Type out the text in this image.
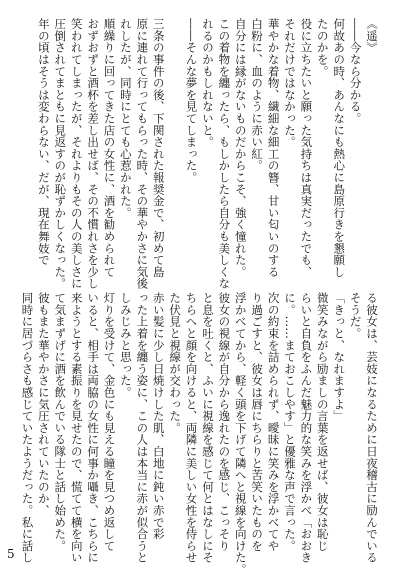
《遥》
――今なら分かる。
何故あの時、あんなにも熱心に島原行きを懇願し
たのかを。
役に立ちたいと願った気持ちは真実だったでも、
それだけではなかった。
華やかな着物、繊細な細工の簪、甘い匂いのする
白粉に、血のように赤い紅。
自分には縁がないものだからこそ、強く憧れた。
この着物を纏ったら、もしかしたら自分も美しくな
れるのかもしれないと。
――そんな夢を見てしまった。

三条の事件の後、下関された報奨金で、初めて島
原に連れて行ってもらった時、その華やかさに気後
れしたが、同時にとても心惹かれた。
順繰りに回ってきた店の女性に、酒を勧められて
おずおずと酒杯を差し出せば、その不慣れさを少し
笑われてしまったが、それよりもその人の美しさに
圧倒されてまともに見返すのが恥ずかしくなった。
年の頃はそうは変わらない、だが、現在舞妓で
る彼女は、芸妓になるために日夜稽古に励んでいる
そうだ。
「きっと、なれますよ」
微笑みながら励ましの言葉を返せば、彼女は恥じ
らいと自負をふんだ魅力的な笑みを浮かべ「おおき
に。……まておこしやす」と優雅な声で言った。
次の約束を詰められず、曖昧に笑みを浮かべてや
り過ごすと、彼女は唇にちらりと苦笑いたものを
浮かべてから、軽く頭を下げて隣へと視線を向けた。
彼女の視線が自分から逸れたのを感じ、こっそり
と息を吐くと、ふいに視線を感じて何とはなしにそ
ちらへと顔を向けると、両隣に美しい女性を侍らせ
た伏見と視線が交わった。
赤い髪に少し日焼けした肌、白地に鈍い赤で彩
った上着を纏う姿に、この人は本当に赤が似合うと
しみじみと思った。
灯りを受けて、金色にも見える瞳を見つめ返して
いると、相手は両脇の女性に何事か囁き、こちらに
来ようとする素振りを見せたので、慌てて横を向い
て気まずげに酒を飲んでいる隊士と話し始めた。
彼もまた華やかさに気圧されていたのか、
同時に居づらさも感じていたようだった。私に話し
5
